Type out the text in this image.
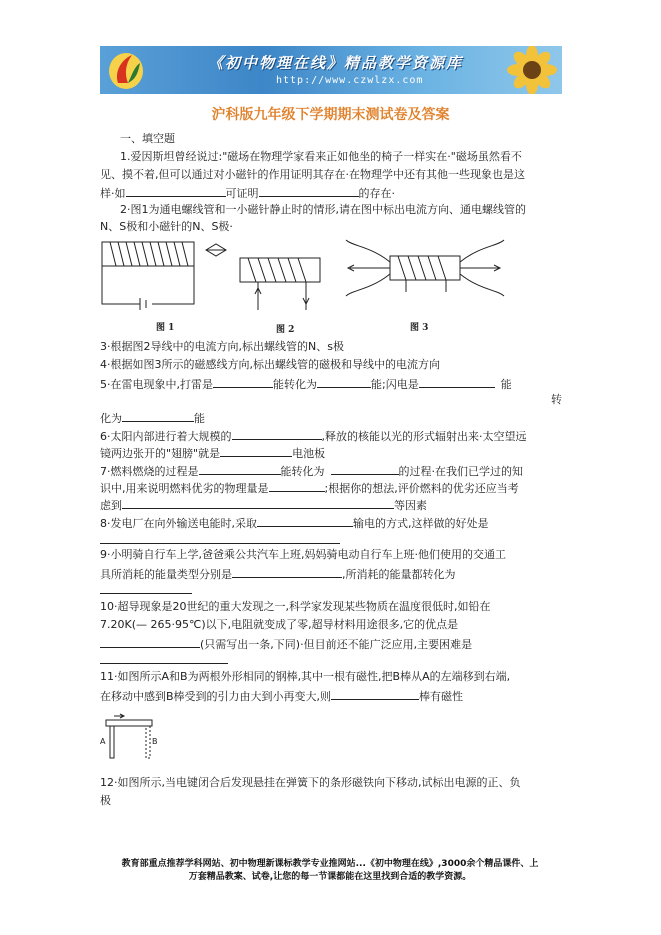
《初中物理在线》精品教学资源库
http://www.czwlzx.com
沪科版九年级下学期期末测试卷及答案
一、填空题
1.爱因斯坦曾经说过:"磁场在物理学家看来正如他坐的椅子一样实在·"磁场虽然看不
见、摸不着,但可以通过对小磁针的作用证明其存在·在物理学中还有其他一些现象也是这
样·如	可证明	的存在·
2·图1为通电螺线管和一小磁针静止时的情形,请在图中标出电流方向、通电螺线管的
N、S极和小磁针的N、S极·
图 1	图 2	图 3
3·根据图2导线中的电流方向,标出螺线管的N、s极
4·根据如图3所示的磁感线方向,标出螺线管的磁极和导线中的电流方向
5·在雷电现象中,打雷是	能转化为	能;闪电是	能
转
化为	能
6·太阳内部进行着大规模的	,释放的核能以光的形式辐射出来·太空望远
镜两边张开的"翅膀"就是	电池板
7·燃料燃烧的过程是	能转化为	的过程·在我们已学过的知
识中,用来说明燃料优劣的物理量是	;根据你的想法,评价燃料的优劣还应当考
虑到	等因素
8·发电厂在向外输送电能时,采取	输电的方式,这样做的好处是
9·小明骑自行车上学,爸爸乘公共汽车上班,妈妈骑电动自行车上班·他们使用的交通工
具所消耗的能量类型分别是	,所消耗的能量都转化为
10·超导现象是20世纪的重大发现之一,科学家发现某些物质在温度很低时,如铅在
7.20K(— 265·95℃)以下,电阻就变成了零,超导材料用途很多,它的优点是
(只需写出一条,下同)·但目前还不能广泛应用,主要困难是
11·如图所示A和B为两根外形相同的钢棒,其中一根有磁性,把B棒从A的左端移到右端,
在移动中感到B棒受到的引力由大到小再变大,则	棒有磁性
A	B
12·如图所示,当电键闭合后发现悬挂在弹簧下的条形磁铁向下移动,试标出电源的正、负
极
教育部重点推荐学科网站、初中物理新课标教学专业推网站...《初中物理在线》,3000余个精品课件、上
万套精品教案、试卷,让您的每一节课都能在这里找到合适的教学资源。
